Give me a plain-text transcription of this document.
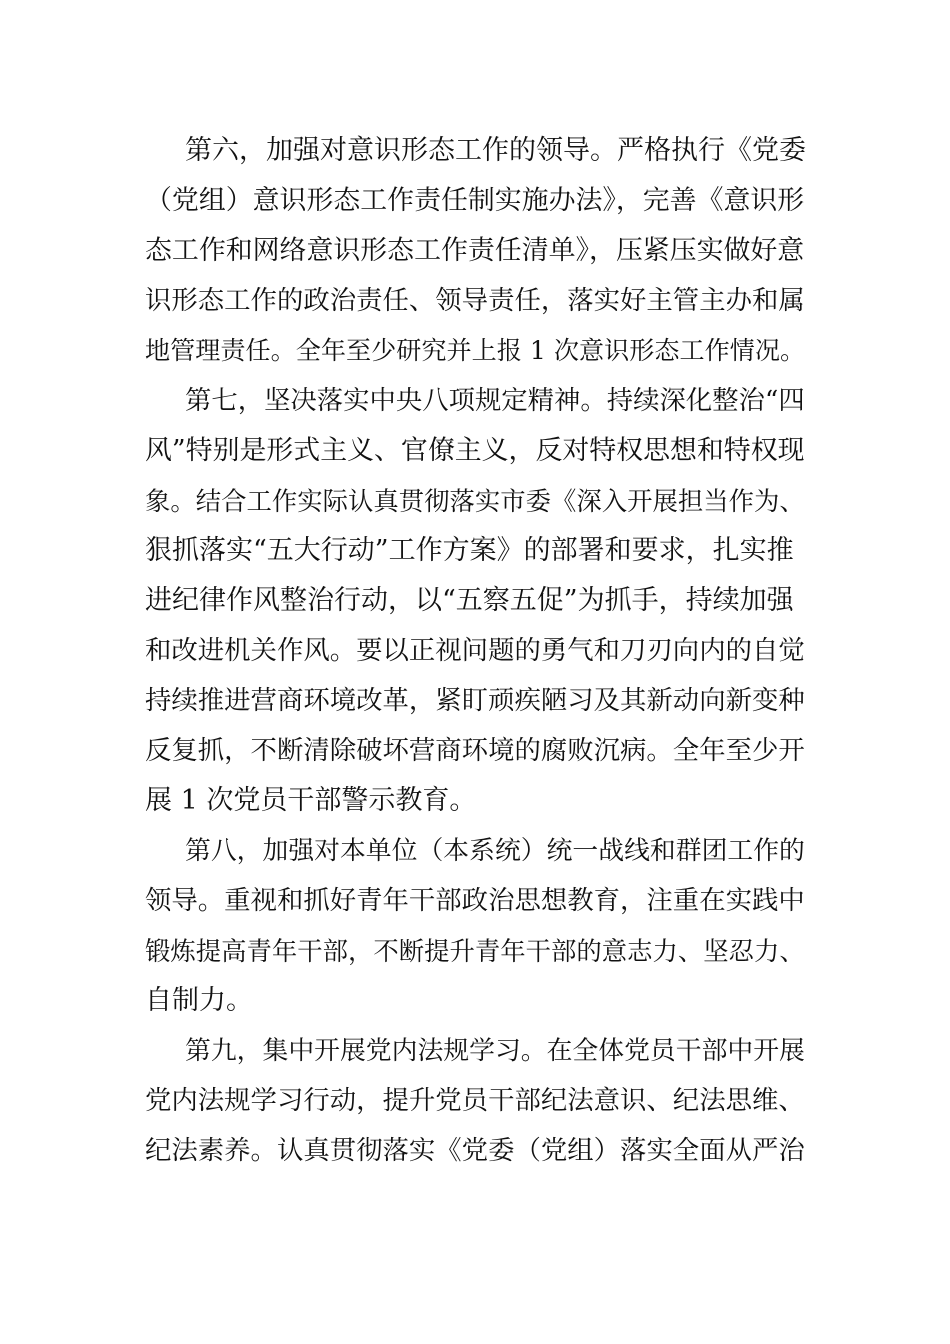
第六，加强对意识形态工作的领导。严格执行《党委
（党组）意识形态工作责任制实施办法》，完善《意识形
态工作和网络意识形态工作责任清单》，压紧压实做好意
识形态工作的政治责任、领导责任，落实好主管主办和属
地管理责任。全年至少研究并上报 1 次意识形态工作情况。
第七，坚决落实中央八项规定精神。持续深化整治“四
风”特别是形式主义、官僚主义，反对特权思想和特权现
象。结合工作实际认真贯彻落实市委《深入开展担当作为、
狠抓落实“五大行动”工作方案》的部署和要求，扎实推
进纪律作风整治行动，以“五察五促”为抓手，持续加强
和改进机关作风。要以正视问题的勇气和刀刃向内的自觉
持续推进营商环境改革，紧盯顽疾陋习及其新动向新变种
反复抓，不断清除破坏营商环境的腐败沉病。全年至少开
展 1 次党员干部警示教育。
第八，加强对本单位（本系统）统一战线和群团工作的
领导。重视和抓好青年干部政治思想教育，注重在实践中
锻炼提高青年干部，不断提升青年干部的意志力、坚忍力、
自制力。
第九，集中开展党内法规学习。在全体党员干部中开展
党内法规学习行动，提升党员干部纪法意识、纪法思维、
纪法素养。认真贯彻落实《党委（党组）落实全面从严治
